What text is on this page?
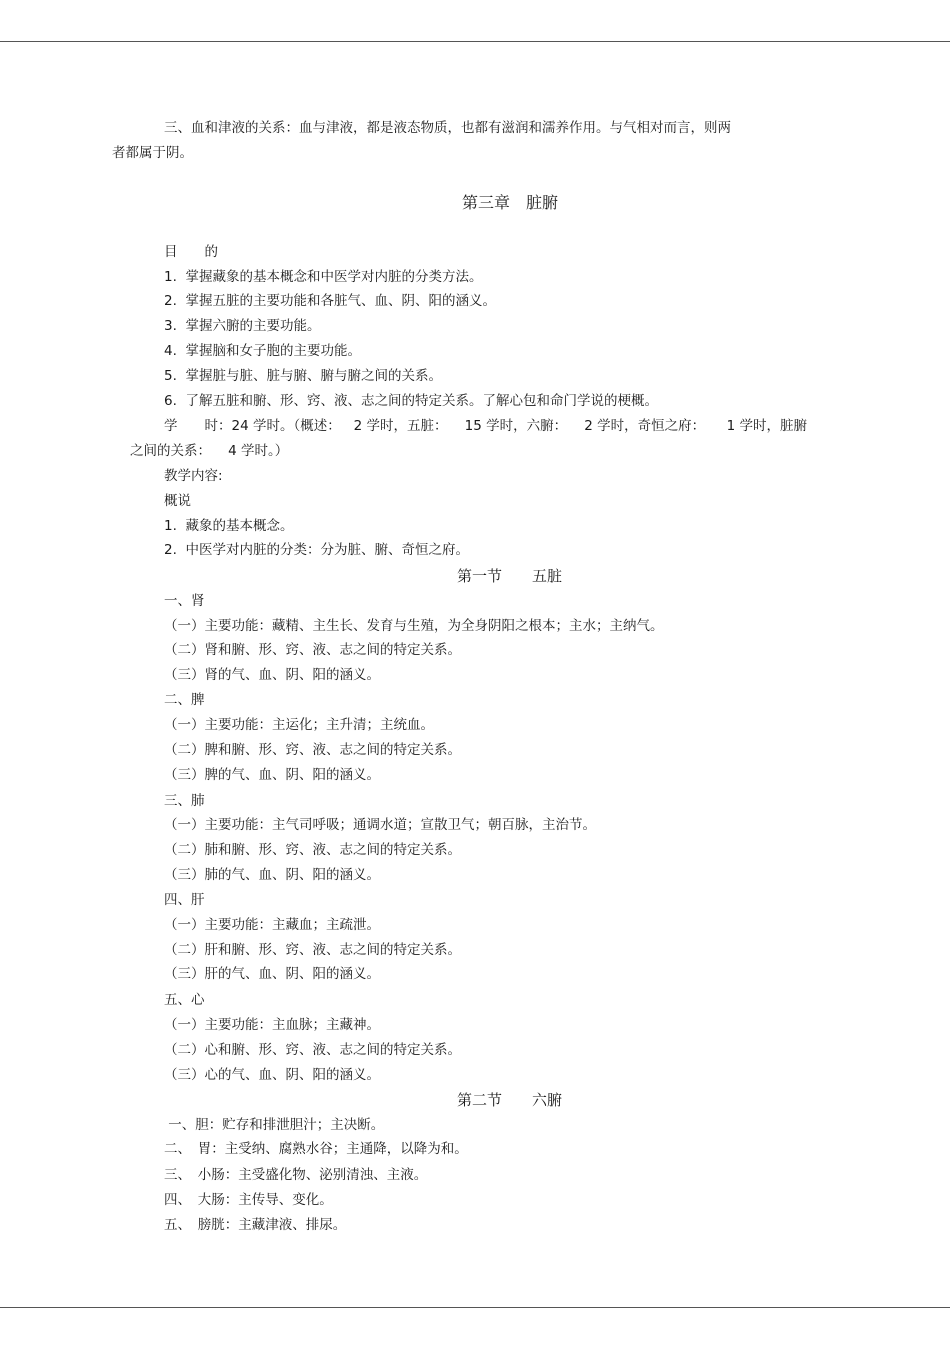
三、血和津液的关系：血与津液，都是液态物质，也都有滋润和濡养作用。与气相对而言，则两
者都属于阴。
第三章　脏腑
目　　的
1.  掌握藏象的基本概念和中医学对内脏的分类方法。
2.  掌握五脏的主要功能和各脏气、血、阴、阳的涵义。
3.  掌握六腑的主要功能。
4.  掌握脑和女子胞的主要功能。
5.  掌握脏与脏、脏与腑、腑与腑之间的关系。
6.  了解五脏和腑、形、窍、液、志之间的特定关系。了解心包和命门学说的梗概。
学　　时：24 学时。（概述：   2 学时，五脏：    15 学时，六腑：    2 学时，奇恒之府：     1 学时，脏腑
之间的关系：    4 学时。）
教学内容:
概说
1.  藏象的基本概念。
2.  中医学对内脏的分类：分为脏、腑、奇恒之府。
第一节　　五脏
一、肾
（一）主要功能：藏精、主生长、发育与生殖，为全身阴阳之根本；主水；主纳气。
（二）肾和腑、形、窍、液、志之间的特定关系。
（三）肾的气、血、阴、阳的涵义。
二、脾
（一）主要功能：主运化；主升清；主统血。
（二）脾和腑、形、窍、液、志之间的特定关系。
（三）脾的气、血、阴、阳的涵义。
三、肺
（一）主要功能：主气司呼吸；通调水道；宣散卫气；朝百脉，主治节。
（二）肺和腑、形、窍、液、志之间的特定关系。
（三）肺的气、血、阴、阳的涵义。
四、肝
（一）主要功能：主藏血；主疏泄。
（二）肝和腑、形、窍、液、志之间的特定关系。
（三）肝的气、血、阴、阳的涵义。
五、心
（一）主要功能：主血脉；主藏神。
（二）心和腑、形、窍、液、志之间的特定关系。
（三）心的气、血、阴、阳的涵义。
第二节　　六腑
一、胆：贮存和排泄胆汁；主决断。
二、　胃：主受纳、腐熟水谷；主通降，以降为和。
三、　小肠：主受盛化物、泌别清浊、主液。
四、　大肠：主传导、变化。
五、　膀胱：主藏津液、排尿。
